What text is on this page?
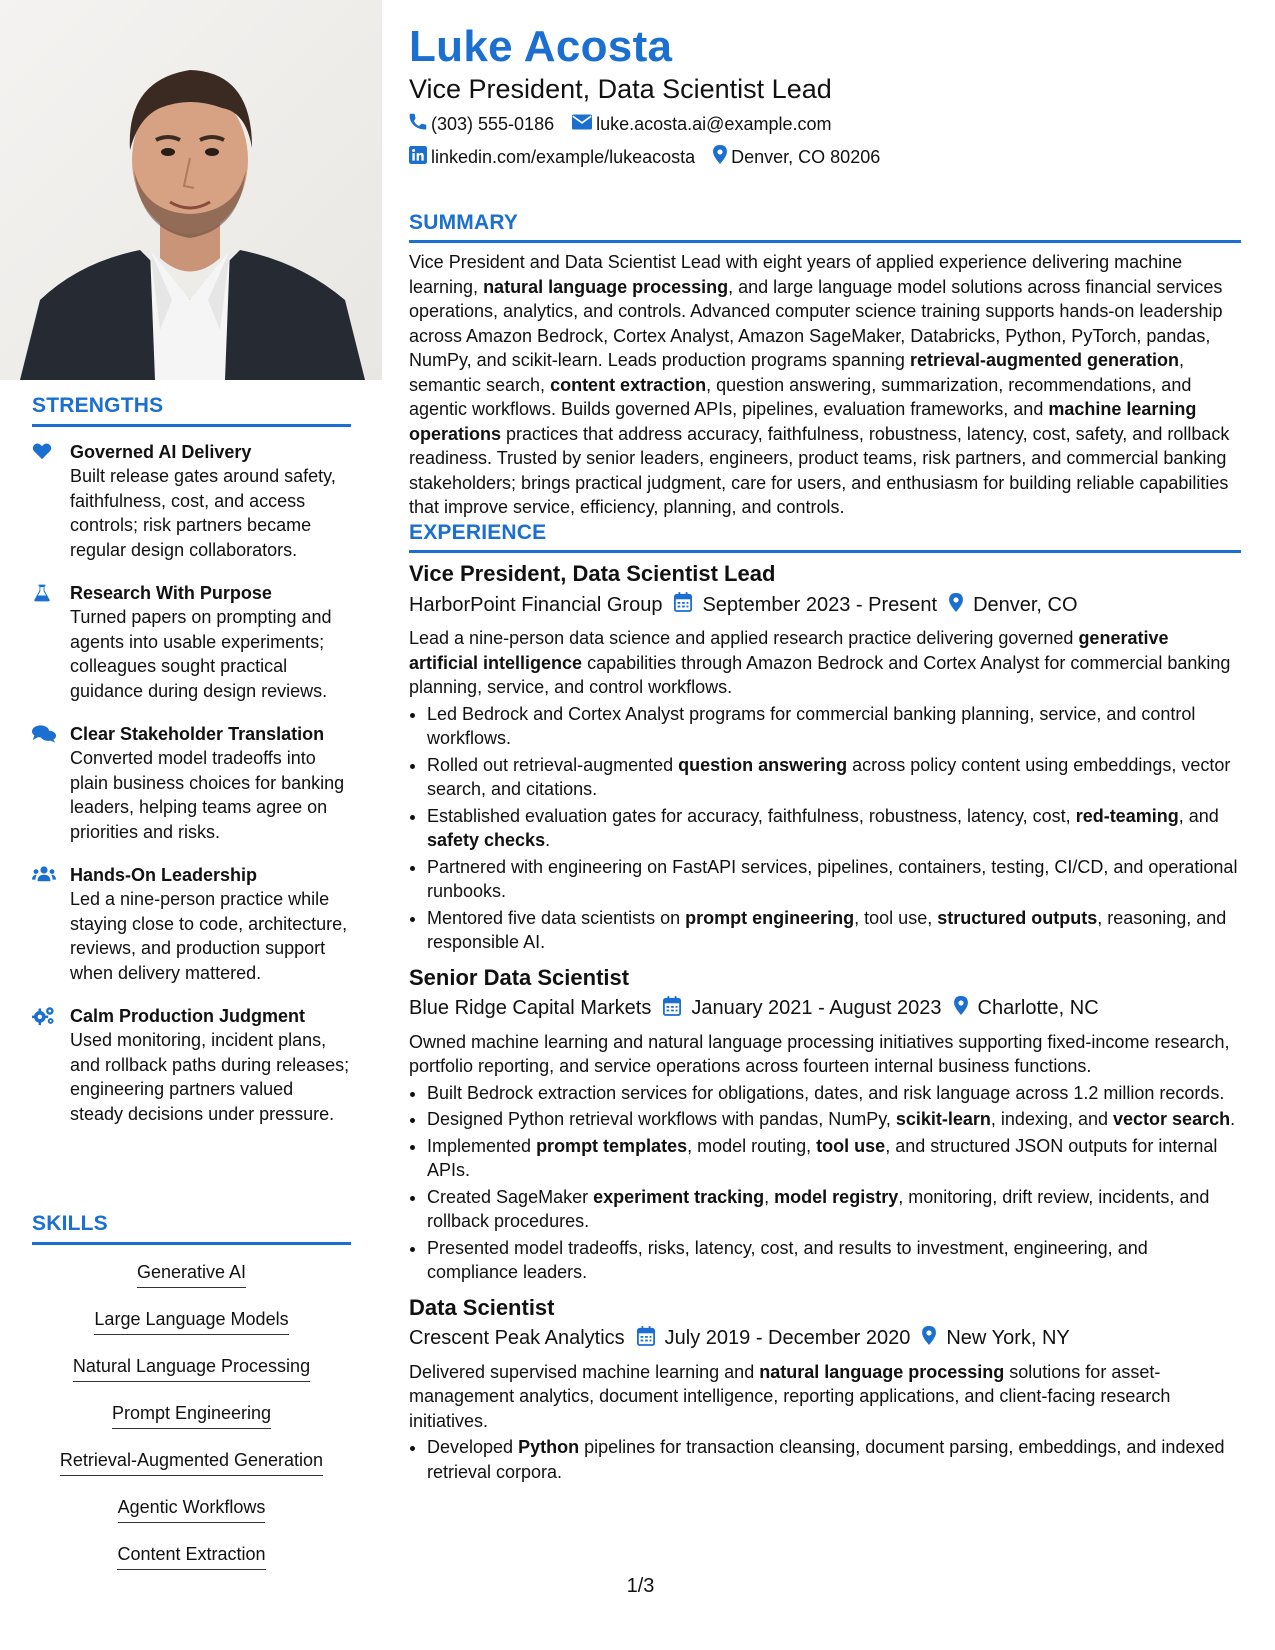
STRENGTHS
Governed AI Delivery
Built release gates around safety, faithfulness, cost, and access controls; risk partners became regular design collaborators.
Research With Purpose
Turned papers on prompting and agents into usable experiments; colleagues sought practical guidance during design reviews.
Clear Stakeholder Translation
Converted model tradeoffs into plain business choices for banking leaders, helping teams agree on priorities and risks.
Hands-On Leadership
Led a nine-person practice while staying close to code, architecture, reviews, and production support when delivery mattered.
Calm Production Judgment
Used monitoring, incident plans, and rollback paths during releases; engineering partners valued steady decisions under pressure.
SKILLS
Generative AI
Large Language Models
Natural Language Processing
Prompt Engineering
Retrieval-Augmented Generation
Agentic Workflows
Content Extraction
Luke Acosta
Vice President, Data Scientist Lead
(303) 555-0186 luke.acosta.ai@example.com
linkedin.com/example/lukeacosta Denver, CO 80206
SUMMARY
Vice President and Data Scientist Lead with eight years of applied experience delivering machine learning, natural language processing, and large language model solutions across financial services operations, analytics, and controls. Advanced computer science training supports hands-on leadership across Amazon Bedrock, Cortex Analyst, Amazon SageMaker, Databricks, Python, PyTorch, pandas, NumPy, and scikit-learn. Leads production programs spanning retrieval-augmented generation, semantic search, content extraction, question answering, summarization, recommendations, and agentic workflows. Builds governed APIs, pipelines, evaluation frameworks, and machine learning operations practices that address accuracy, faithfulness, robustness, latency, cost, safety, and rollback readiness. Trusted by senior leaders, engineers, product teams, risk partners, and commercial banking stakeholders; brings practical judgment, care for users, and enthusiasm for building reliable capabilities that improve service, efficiency, planning, and controls.
EXPERIENCE
Vice President, Data Scientist Lead
HarborPoint Financial Group September 2023 - Present Denver, CO
Lead a nine-person data science and applied research practice delivering governed generative artificial intelligence capabilities through Amazon Bedrock and Cortex Analyst for commercial banking planning, service, and control workflows.
• Led Bedrock and Cortex Analyst programs for commercial banking planning, service, and control workflows.
• Rolled out retrieval-augmented question answering across policy content using embeddings, vector search, and citations.
• Established evaluation gates for accuracy, faithfulness, robustness, latency, cost, red-teaming, and safety checks.
• Partnered with engineering on FastAPI services, pipelines, containers, testing, CI/CD, and operational runbooks.
• Mentored five data scientists on prompt engineering, tool use, structured outputs, reasoning, and responsible AI.
Senior Data Scientist
Blue Ridge Capital Markets January 2021 - August 2023 Charlotte, NC
Owned machine learning and natural language processing initiatives supporting fixed-income research, portfolio reporting, and service operations across fourteen internal business functions.
• Built Bedrock extraction services for obligations, dates, and risk language across 1.2 million records.
• Designed Python retrieval workflows with pandas, NumPy, scikit-learn, indexing, and vector search.
• Implemented prompt templates, model routing, tool use, and structured JSON outputs for internal APIs.
• Created SageMaker experiment tracking, model registry, monitoring, drift review, incidents, and rollback procedures.
• Presented model tradeoffs, risks, latency, cost, and results to investment, engineering, and compliance leaders.
Data Scientist
Crescent Peak Analytics July 2019 - December 2020 New York, NY
Delivered supervised machine learning and natural language processing solutions for asset-management analytics, document intelligence, reporting applications, and client-facing research initiatives.
• Developed Python pipelines for transaction cleansing, document parsing, embeddings, and indexed retrieval corpora.
1/3
